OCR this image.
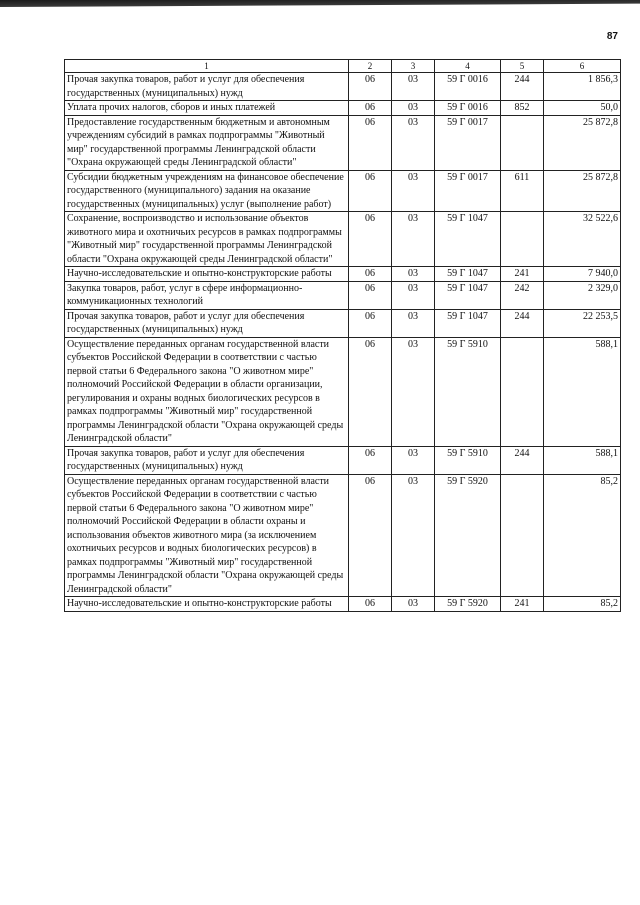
87
1	2	3	4	5	6
Прочая закупка товаров, работ и услуг для обеспечения государственных (муниципальных) нужд	06	03	59 Г 0016	244	1 856,3
Уплата прочих налогов, сборов и иных платежей	06	03	59 Г 0016	852	50,0
Предоставление государственным бюджетным и автономным учреждениям субсидий в рамках подпрограммы "Животный мир" государственной программы Ленинградской области "Охрана окружающей среды Ленинградской области"	06	03	59 Г 0017		25 872,8
Субсидии бюджетным учреждениям на финансовое обеспечение государственного (муниципального) задания на оказание государственных (муниципальных) услуг (выполнение работ)	06	03	59 Г 0017	611	25 872,8
Сохранение, воспроизводство и использование объектов животного мира и охотничьих ресурсов в рамках подпрограммы "Животный мир" государственной программы Ленинградской области "Охрана окружающей среды Ленинградской области"	06	03	59 Г 1047		32 522,6
Научно-исследовательские и опытно-конструкторские работы	06	03	59 Г 1047	241	7 940,0
Закупка товаров, работ, услуг в сфере информационно-коммуникационных технологий	06	03	59 Г 1047	242	2 329,0
Прочая закупка товаров, работ и услуг для обеспечения государственных (муниципальных) нужд	06	03	59 Г 1047	244	22 253,5
Осуществление переданных органам государственной власти субъектов Российской Федерации в соответствии с частью первой статьи 6 Федерального закона "О животном мире" полномочий Российской Федерации в области организации, регулирования и охраны водных биологических ресурсов в рамках подпрограммы "Животный мир" государственной программы Ленинградской области "Охрана окружающей среды Ленинградской области"	06	03	59 Г 5910		588,1
Прочая закупка товаров, работ и услуг для обеспечения государственных (муниципальных) нужд	06	03	59 Г 5910	244	588,1
Осуществление переданных органам государственной власти субъектов Российской Федерации в соответствии с частью первой статьи 6 Федерального закона "О животном мире" полномочий Российской Федерации в области охраны и использования объектов животного мира (за исключением охотничьих ресурсов и водных биологических ресурсов) в рамках подпрограммы "Животный мир" государственной программы Ленинградской области "Охрана окружающей среды Ленинградской области"	06	03	59 Г 5920		85,2
Научно-исследовательские и опытно-конструкторские работы	06	03	59 Г 5920	241	85,2
